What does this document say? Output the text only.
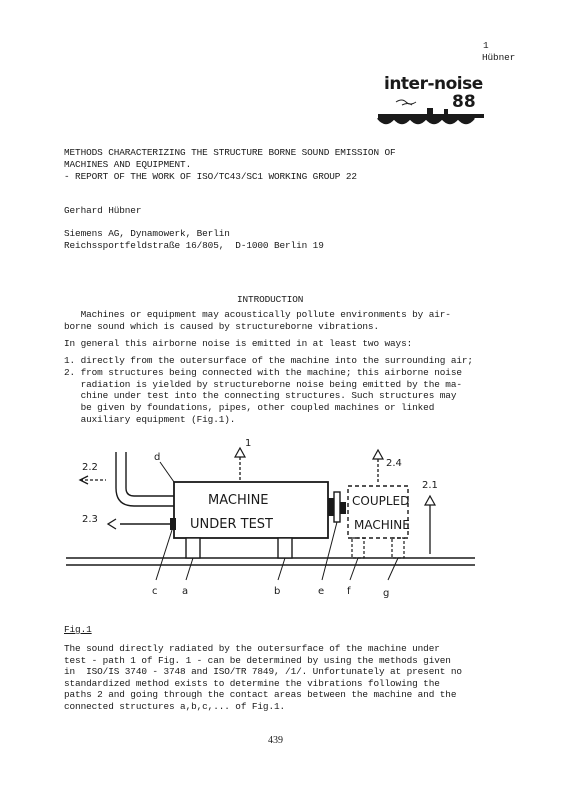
1
Hübner
inter-noise
88
METHODS CHARACTERIZING THE STRUCTURE BORNE SOUND EMISSION OF
MACHINES AND EQUIPMENT.
- REPORT OF THE WORK OF ISO/TC43/SC1 WORKING GROUP 22
Gerhard Hübner
Siemens AG, Dynamowerk, Berlin
Reichssportfeldstraße 16/805,  D-1000 Berlin 19
INTRODUCTION
Machines or equipment may acoustically pollute environments by air-
borne sound which is caused by structureborne vibrations.
In general this airborne noise is emitted in at least two ways:
1. directly from the outersurface of the machine into the surrounding air;
2. from structures being connected with the machine; this airborne noise
radiation is yielded by structureborne noise being emitted by the ma-
chine under test into the connecting structures. Such structures may
be given by foundations, pipes, other coupled machines or linked
auxiliary equipment (Fig.1).
MACHINE
UNDER TEST
COUPLED
MACHINE
1
2.2
2.3
2.4
2.1
d
c a	b	e f	g
Fig.1
The sound directly radiated by the outersurface of the machine under
test - path 1 of Fig. 1 - can be determined by using the methods given
in  ISO/IS 3740 - 3748 and ISO/TR 7849, /1/. Unfortunately at present no
standardized method exists to determine the vibrations following the
paths 2 and going through the contact areas between the machine and the
connected structures a,b,c,... of Fig.1.
439
